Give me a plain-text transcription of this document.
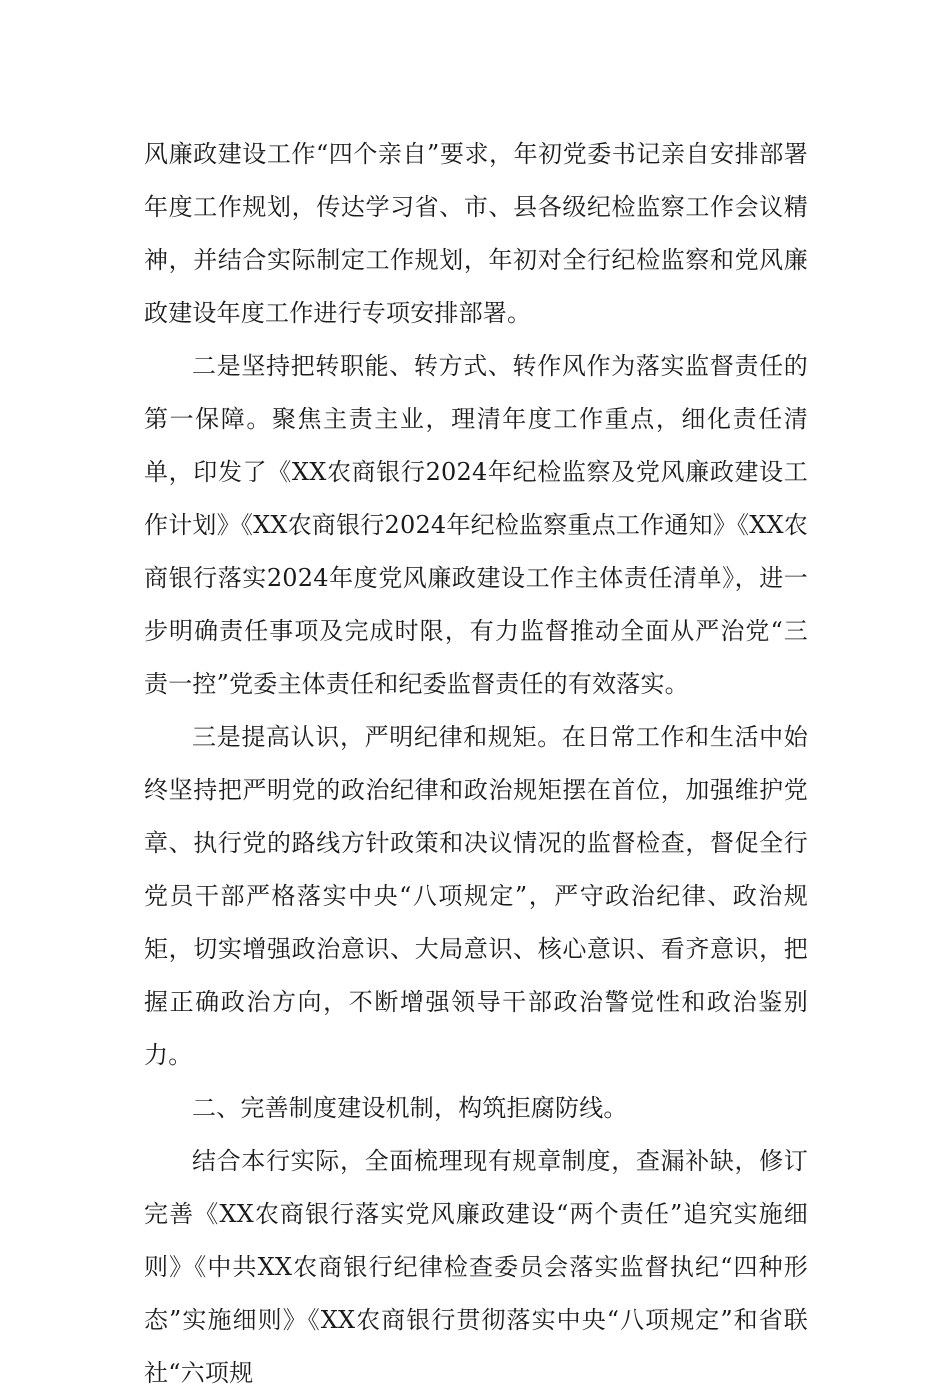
风廉政建设工作“四个亲自”要求，年初党委书记亲自安排部署年度工作规划，传达学习省、市、县各级纪检监察工作会议精神，并结合实际制定工作规划，年初对全行纪检监察和党风廉政建设年度工作进行专项安排部署。

二是坚持把转职能、转方式、转作风作为落实监督责任的第一保障。聚焦主责主业，理清年度工作重点，细化责任清单，印发了《XX农商银行2024年纪检监察及党风廉政建设工作计划》《XX农商银行2024年纪检监察重点工作通知》《XX农商银行落实2024年度党风廉政建设工作主体责任清单》，进一步明确责任事项及完成时限，有力监督推动全面从严治党“三责一控”党委主体责任和纪委监督责任的有效落实。

三是提高认识，严明纪律和规矩。在日常工作和生活中始终坚持把严明党的政治纪律和政治规矩摆在首位，加强维护党章、执行党的路线方针政策和决议情况的监督检查，督促全行党员干部严格落实中央“八项规定”，严守政治纪律、政治规矩，切实增强政治意识、大局意识、核心意识、看齐意识，把握正确政治方向，不断增强领导干部政治警觉性和政治鉴别力。

二、完善制度建设机制，构筑拒腐防线。

结合本行实际，全面梳理现有规章制度，查漏补缺，修订完善《XX农商银行落实党风廉政建设“两个责任”追究实施细则》《中共XX农商银行纪律检查委员会落实监督执纪“四种形态”实施细则》《XX农商银行贯彻落实中央“八项规定”和省联社“六项规
